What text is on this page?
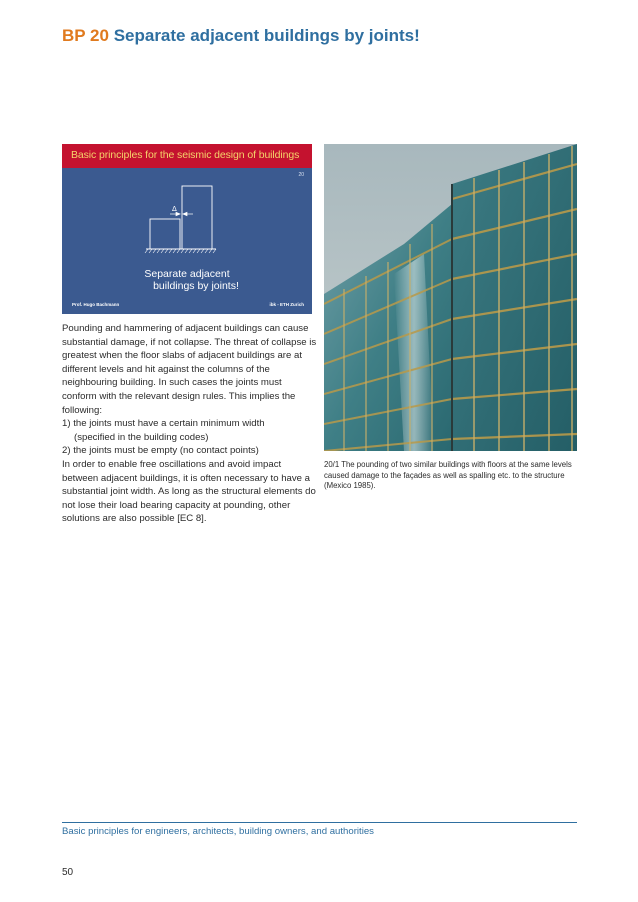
BP 20 Separate adjacent buildings by joints!
Basic principles for the seismic design of buildings
20
Δ
Separate adjacent
buildings by joints!
Prof. Hugo Bachmann	ibk - ETH Zurich

Pounding and hammering of adjacent buildings can cause substantial damage, if not collapse. The threat of collapse is greatest when the floor slabs of adjacent buildings are at different levels and hit against the columns of the neighbouring building. In such cases the joints must conform with the relevant design rules. This implies the following:

1) the joints must have a certain minimum width

(specified in the building codes)

2) the joints must be empty (no contact points)

In order to enable free oscillations and avoid impact between adjacent buildings, it is often necessary to have a substantial joint width. As long as the structural elements do not lose their load bearing capacity at pounding, other solutions are also possible [EC 8].

20/1 The pounding of two similar buildings with floors at the same levels caused damage to the façades as well as spalling etc. to the structure (Mexico 1985).
Basic principles for engineers, architects, building owners, and authorities
50
